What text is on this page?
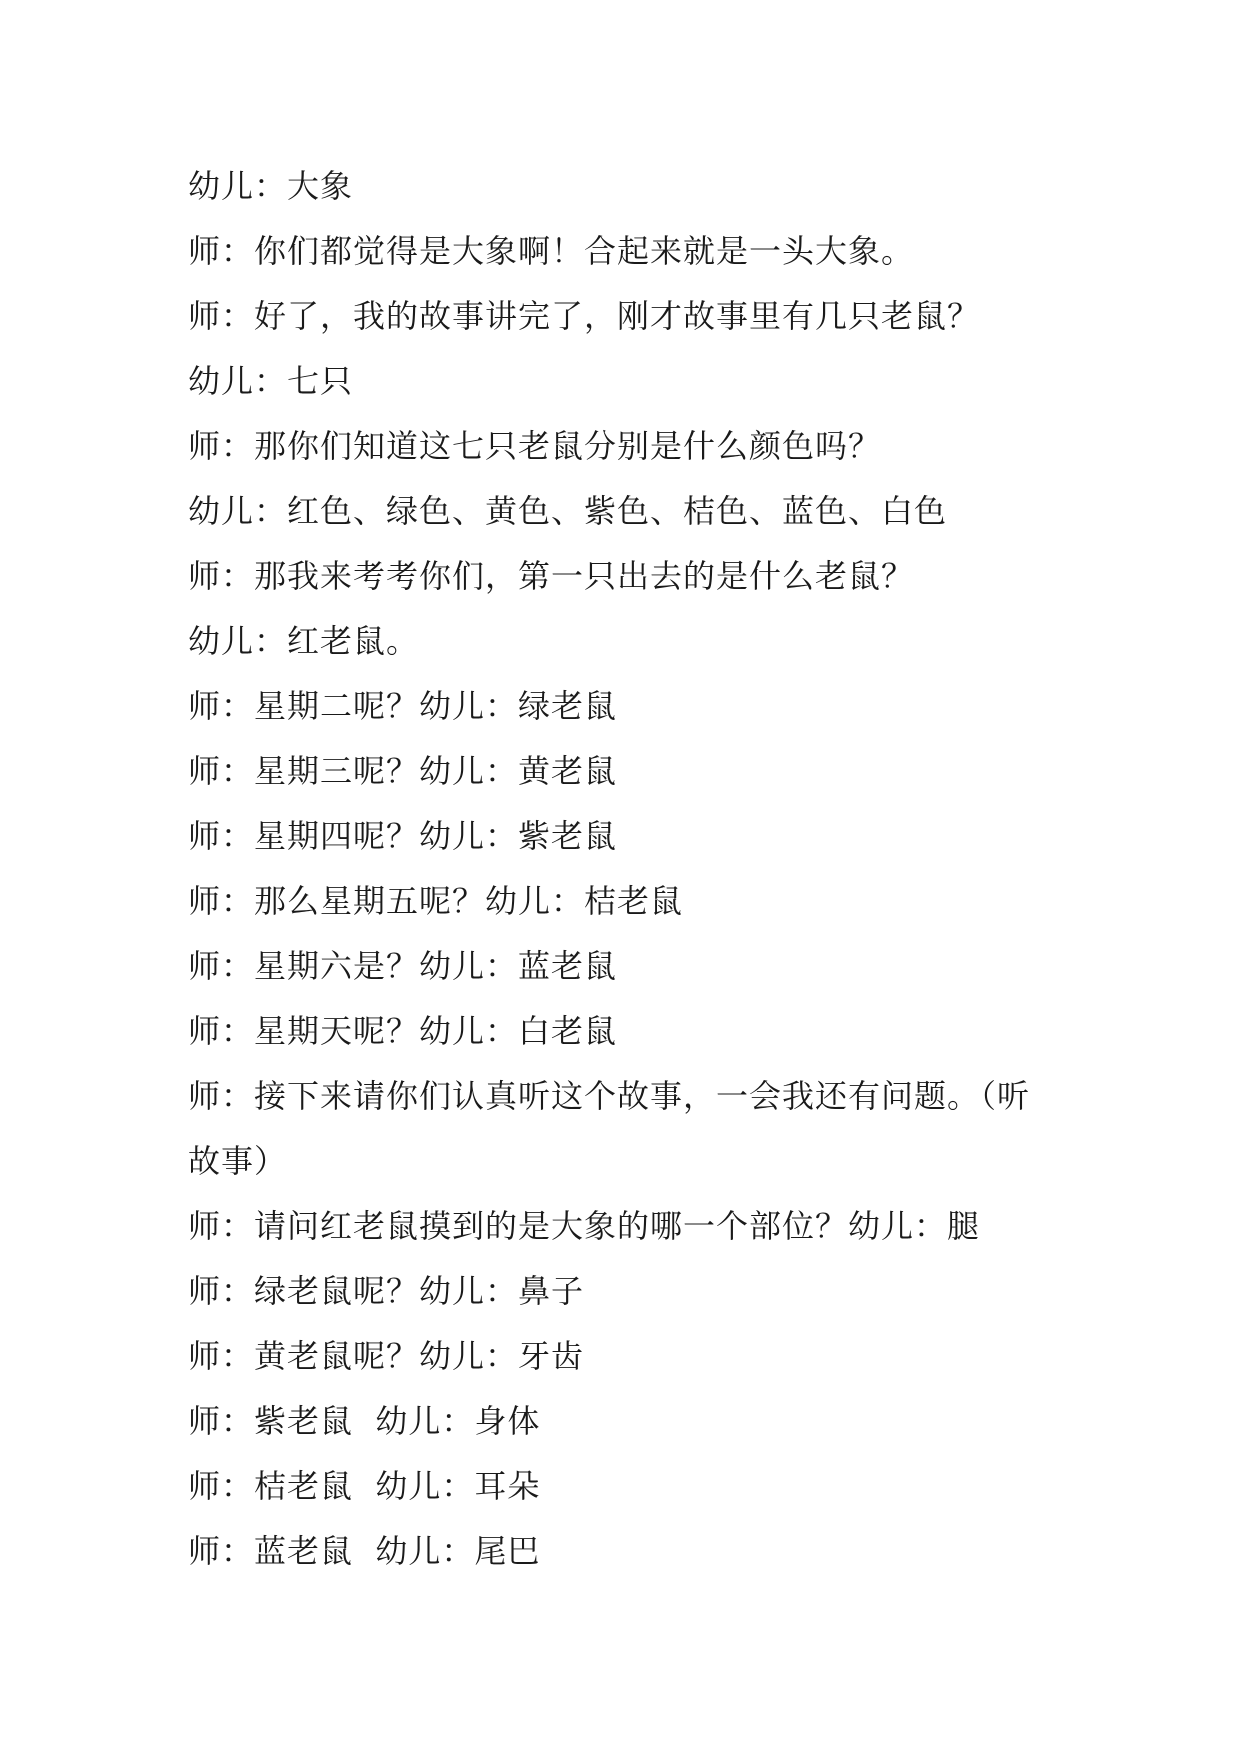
幼儿：大象
师：你们都觉得是大象啊！合起来就是一头大象。
师：好了，我的故事讲完了，刚才故事里有几只老鼠？
幼儿：七只
师：那你们知道这七只老鼠分别是什么颜色吗？
幼儿：红色、绿色、黄色、紫色、桔色、蓝色、白色
师：那我来考考你们，第一只出去的是什么老鼠？
幼儿：红老鼠。
师：星期二呢？幼儿：绿老鼠
师：星期三呢？幼儿：黄老鼠
师：星期四呢？幼儿：紫老鼠
师：那么星期五呢？幼儿：桔老鼠
师：星期六是？幼儿：蓝老鼠
师：星期天呢？幼儿：白老鼠
师：接下来请你们认真听这个故事，一会我还有问题。（听
故事）
师：请问红老鼠摸到的是大象的哪一个部位？幼儿：腿
师：绿老鼠呢？幼儿：鼻子
师：黄老鼠呢？幼儿：牙齿
师：紫老鼠  幼儿：身体
师：桔老鼠  幼儿：耳朵
师：蓝老鼠  幼儿：尾巴
